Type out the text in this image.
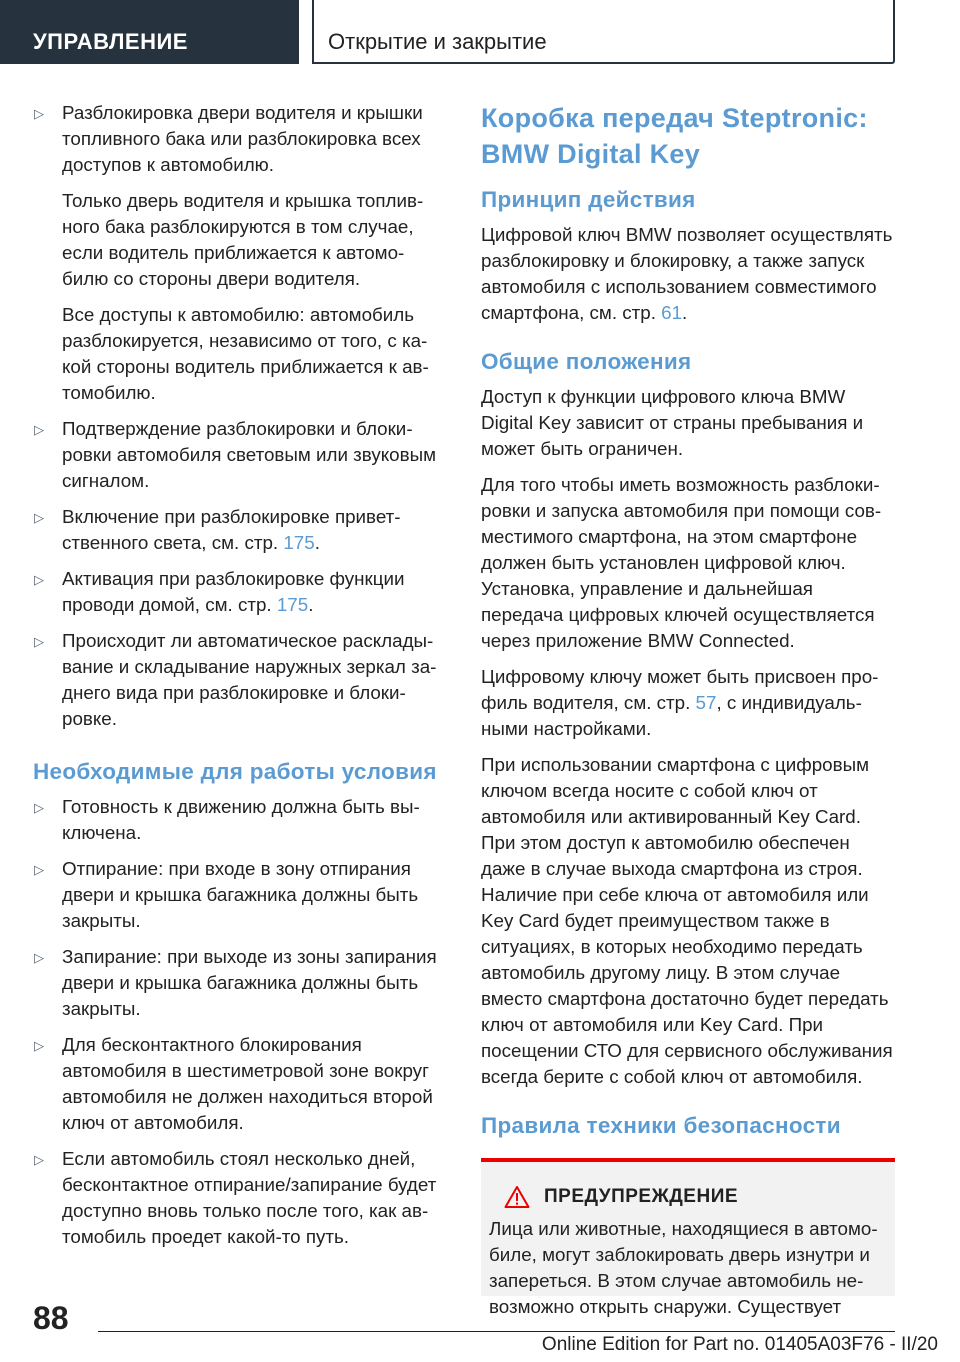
УПРАВЛЕНИЕ	Открытие и закрытие
▷ Разблокировка двери водителя и крышки топливного бака или разблокировка всех доступов к автомобилю.

Только дверь водителя и крышка топливного бака разблокируются в том случае, если водитель приближается к автомобилю со стороны двери водителя.

Все доступы к автомобилю: автомобиль разблокируется, независимо от того, с какой стороны водитель приближается к автомобилю.

▷ Подтверждение разблокировки и блокировки автомобиля световым или звуковым сигналом.
▷ Включение при разблокировке приветственного света, см. стр. 175.
▷ Активация при разблокировке функции проводи домой, см. стр. 175.
▷ Происходит ли автоматическое раскладывание и складывание наружных зеркал заднего вида при разблокировке и блокировке.
Необходимые для работы условия
▷ Готовность к движению должна быть выключена.
▷ Отпирание: при входе в зону отпирания двери и крышка багажника должны быть закрыты.
▷ Запирание: при выходе из зоны запирания двери и крышка багажника должны быть закрыты.
▷ Для бесконтактного блокирования автомобиля в шестиметровой зоне вокруг автомобиля не должен находиться второй ключ от автомобиля.
▷ Если автомобиль стоял несколько дней, бесконтактное отпирание/запирание будет доступно вновь только после того, как автомобиль проедет какой-то путь.
Коробка передач Steptronic: BMW Digital Key
Принцип действия

Цифровой ключ BMW позволяет осуществлять разблокировку и блокировку, а также запуск автомобиля с использованием совместимого смартфона, см. стр. 61.

Общие положения

Доступ к функции цифрового ключа BMW Digital Key зависит от страны пребывания и может быть ограничен.

Для того чтобы иметь возможность разблокировки и запуска автомобиля при помощи совместимого смартфона, на этом смартфоне должен быть установлен цифровой ключ. Установка, управление и дальнейшая передача цифровых ключей осуществляется через приложение BMW Connected.

Цифровому ключу может быть присвоен профиль водителя, см. стр. 57, с индивидуальными настройками.

При использовании смартфона с цифровым ключом всегда носите с собой ключ от автомобиля или активированный Key Card. При этом доступ к автомобилю обеспечен даже в случае выхода смартфона из строя. Наличие при себе ключа от автомобиля или Key Card будет преимуществом также в ситуациях, в которых необходимо передать автомобиль другому лицу. В этом случае вместо смартфона достаточно будет передать ключ от автомобиля или Key Card. При посещении СТО для сервисного обслуживания всегда берите с собой ключ от автомобиля.

Правила техники безопасности
ПРЕДУПРЕЖДЕНИЕ
Лица или животные, находящиеся в автомобиле, могут заблокировать дверь изнутри и запереться. В этом случае автомобиль невозможно открыть снаружи. Существует
88
Online Edition for Part no. 01405A03F76 - II/20
